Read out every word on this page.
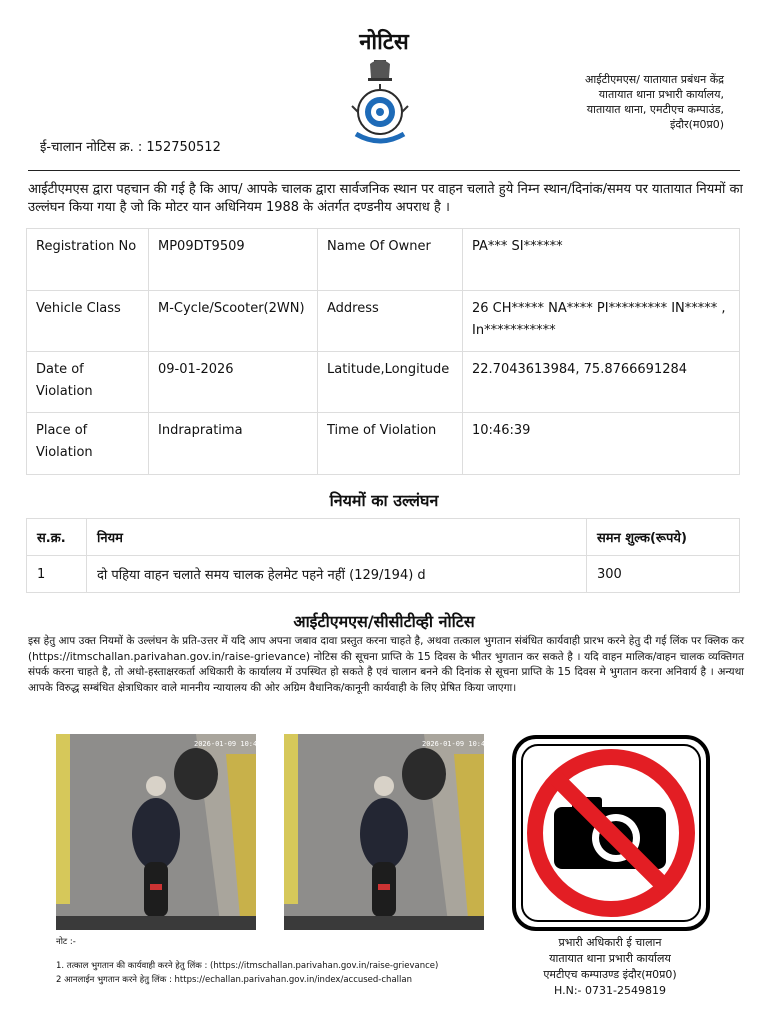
नोटिस
आईटीएमएस/ यातायात प्रबंधन केंद्र
यातायात थाना प्रभारी कार्यालय,
यातायात थाना, एमटीएच कम्पाउंड,
इंदौर(म0प्र0)
ई-चालान नोटिस क्र. : 152750512
आईटीएमएस द्वारा पहचान की गई है कि आप/ आपके चालक द्वारा सार्वजनिक स्थान पर वाहन चलाते हुये निम्न स्थान/दिनांक/समय पर यातायात नियमों का उल्लंघन किया गया है जो कि मोटर यान अधिनियम 1988 के अंतर्गत दण्डनीय अपराध है ।
Registration No	MP09DT9509	Name Of Owner	PA*** SI******
Vehicle Class	M-Cycle/Scooter(2WN)	Address	26 CH***** NA**** PI********* IN***** , In***********
Date of Violation	09-01-2026	Latitude,Longitude	22.7043613984, 75.8766691284
Place of Violation	Indrapratima	Time of Violation	10:46:39
नियमों का उल्लंघन
स.क्र.	नियम	समन शुल्क(रूपये)
1	दो पहिया वाहन चलाते समय चालक हेलमेट पहने नहीं (129/194) d	300
आईटीएमएस/सीसीटीव्ही नोटिस
इस हेतु आप उक्त नियमों के उल्लंघन के प्रति-उत्तर में यदि आप अपना जबाव दावा प्रस्तुत करना चाहते है, अथवा तत्काल भुगतान संबंधित कार्यवाही प्रारभ करने हेतु दी गई लिंक पर क्लिक कर (https://itmschallan.parivahan.gov.in/raise-grievance) नोटिस की सूचना प्राप्ति के 15 दिवस के भीतर भुगतान कर सकते है । यदि वाहन मालिक/वाहन चालक व्यक्तिगत संपर्क करना चाहते है, तो अधो-हस्ताक्षरकर्ता अधिकारी के कार्यालय में उपस्थित हो सकते है एवं चालान बनने की दिनांक से सूचना प्राप्ति के 15 दिवस मे भुगतान करना अनिवार्य है । अन्यथा आपके विरुद्ध सम्बंधित क्षेत्राधिकार वाले माननीय न्यायालय की ओर अग्रिम वैधानिक/कानूनी कार्यवाही के लिए प्रेषित किया जाएगा।
2026-01-09 10:46:39	2026-01-09 10:46:39
नोट :-
1. तत्काल भुगतान की कार्यवाही करने हेतु लिंक : (https://itmschallan.parivahan.gov.in/raise-grievance)
2 आनलाईन भुगतान करने हेतु लिंक : https://echallan.parivahan.gov.in/index/accused-challan
प्रभारी अधिकारी ई चालान
यातायात थाना प्रभारी कार्यालय
एमटीएच कम्पाउण्ड इंदौर(म0प्र0)
H.N:- 0731-2549819
